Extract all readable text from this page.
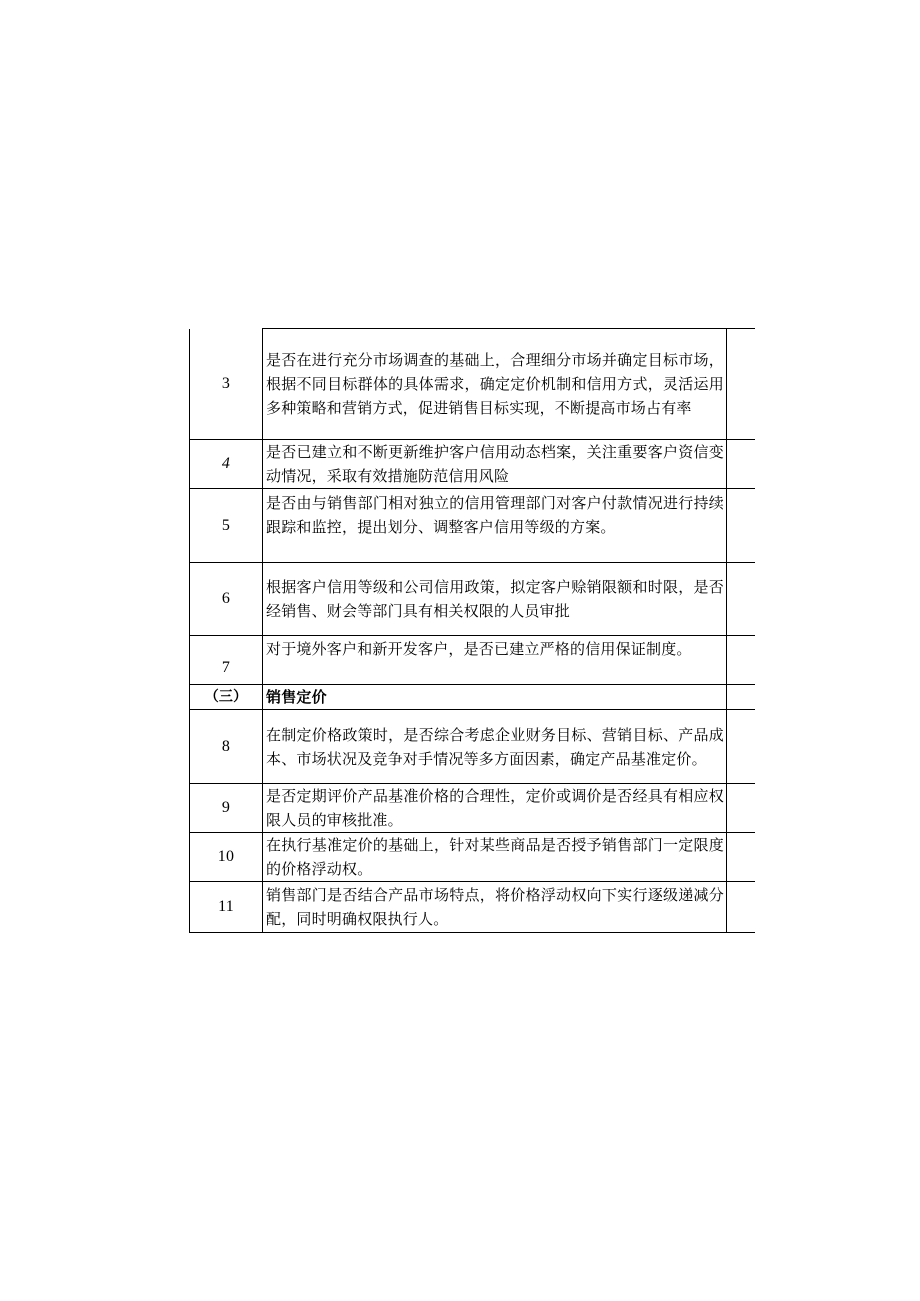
3	是否在进行充分市场调查的基础上，合理细分市场并确定目标市场，根据不同目标群体的具体需求，确定定价机制和信用方式，灵活运用多种策略和营销方式，促进销售目标实现，不断提高市场占有率	
4	是否已建立和不断更新维护客户信用动态档案，关注重要客户资信变动情况，采取有效措施防范信用风险	
5	是否由与销售部门相对独立的信用管理部门对客户付款情况进行持续跟踪和监控，提出划分、调整客户信用等级的方案。	
6	根据客户信用等级和公司信用政策，拟定客户赊销限额和时限，是否经销售、财会等部门具有相关权限的人员审批	
7	对于境外客户和新开发客户，是否已建立严格的信用保证制度。	
（三）	销售定价	
8	在制定价格政策时，是否综合考虑企业财务目标、营销目标、产品成本、市场状况及竞争对手情况等多方面因素，确定产品基准定价。	
9	是否定期评价产品基准价格的合理性，定价或调价是否经具有相应权限人员的审核批准。	
10	在执行基准定价的基础上，针对某些商品是否授予销售部门一定限度的价格浮动权。	
11	销售部门是否结合产品市场特点，将价格浮动权向下实行逐级递减分配，同时明确权限执行人。	
